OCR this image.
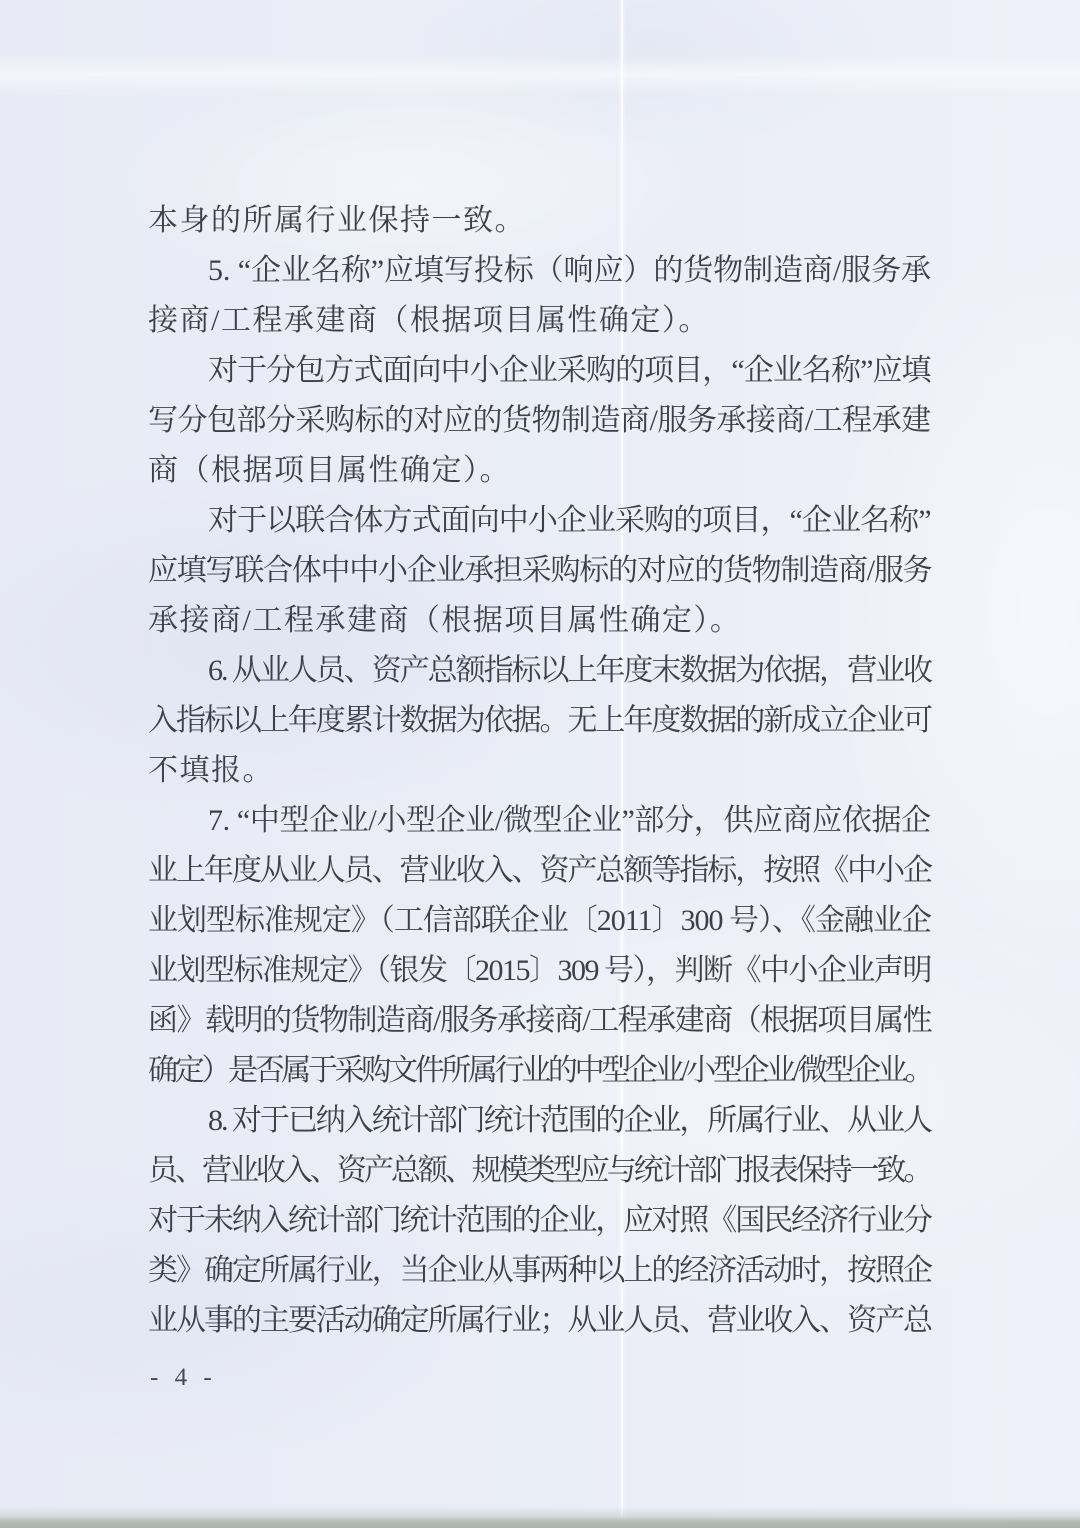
本身的所属行业保持一致。
5. “企业名称”应填写投标（响应）的货物制造商/服务承
接商/工程承建商（根据项目属性确定）。
对于分包方式面向中小企业采购的项目，“企业名称”应填
写分包部分采购标的对应的货物制造商/服务承接商/工程承建
商（根据项目属性确定）。
对于以联合体方式面向中小企业采购的项目，“企业名称”
应填写联合体中中小企业承担采购标的对应的货物制造商/服务
承接商/工程承建商（根据项目属性确定）。
6. 从业人员、资产总额指标以上年度末数据为依据，营业收
入指标以上年度累计数据为依据。无上年度数据的新成立企业可
不填报。
7. “中型企业/小型企业/微型企业”部分，供应商应依据企
业上年度从业人员、营业收入、资产总额等指标，按照《中小企
业划型标准规定》（工信部联企业〔2011〕300 号）、《金融业企
业划型标准规定》（银发〔2015〕309 号），判断《中小企业声明
函》载明的货物制造商/服务承接商/工程承建商（根据项目属性
确定）是否属于采购文件所属行业的中型企业/小型企业/微型企业。
8. 对于已纳入统计部门统计范围的企业，所属行业、从业人
员、营业收入、资产总额、规模类型应与统计部门报表保持一致。
对于未纳入统计部门统计范围的企业，应对照《国民经济行业分
类》确定所属行业，当企业从事两种以上的经济活动时，按照企
业从事的主要活动确定所属行业；从业人员、营业收入、资产总
- 4 -
